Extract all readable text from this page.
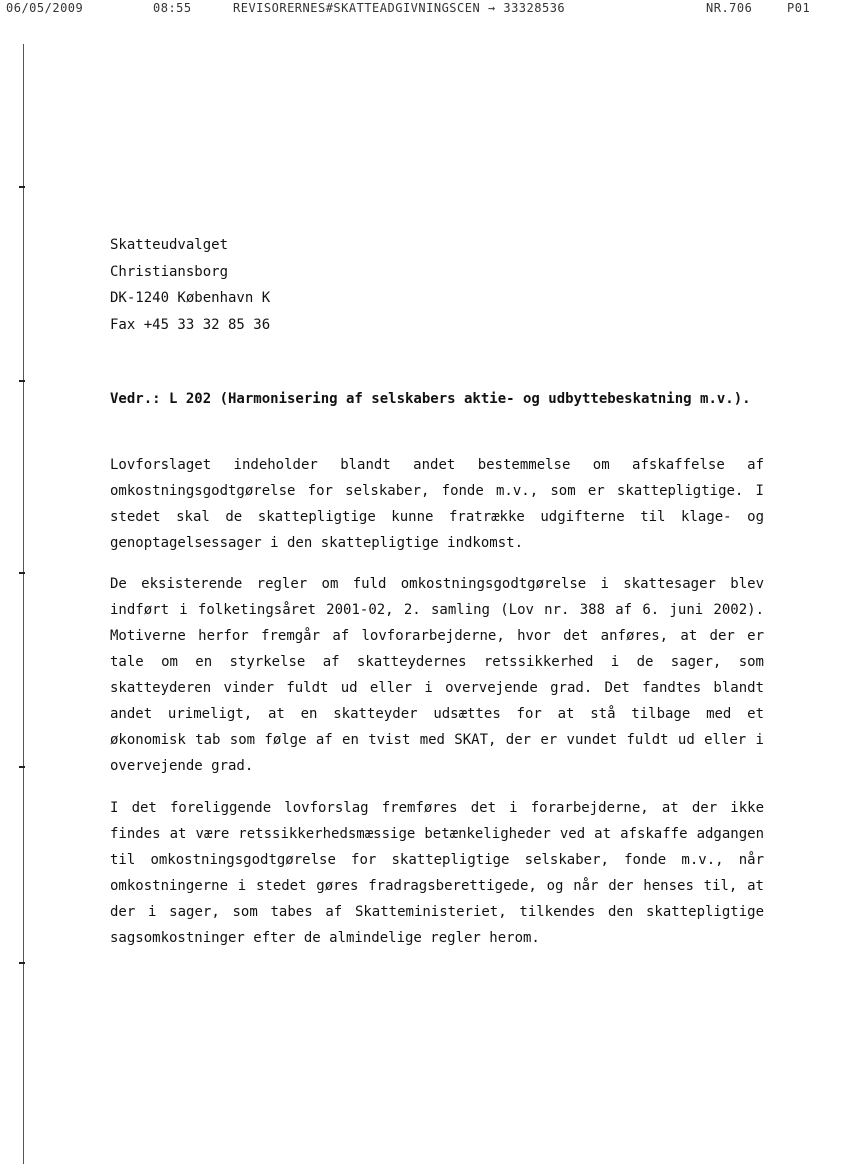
06/05/2009	08:55	REVISORERNES#SKATTEADGIVNINGSCEN → 33328536	NR.706	P01
Skatteudvalget
Christiansborg
DK-1240 København K
Fax +45 33 32 85 36
Vedr.: L 202 (Harmonisering af selskabers aktie- og udbyttebeskatning m.v.).
Lovforslaget indeholder blandt andet bestemmelse om afskaffelse af omkostningsgodtgørelse for selskaber, fonde m.v., som er skattepligtige. I stedet skal de skattepligtige kunne fratrække udgifterne til klage- og genoptagelsessager i den skattepligtige indkomst.
De eksisterende regler om fuld omkostningsgodtgørelse i skattesager blev indført i folketingsåret 2001-02, 2. samling (Lov nr. 388 af 6. juni 2002). Motiverne herfor fremgår af lovforarbejderne, hvor det anføres, at der er tale om en styrkelse af skatteydernes retssikkerhed i de sager, som skatteyderen vinder fuldt ud eller i overvejende grad. Det fandtes blandt andet urimeligt, at en skatteyder udsættes for at stå tilbage med et økonomisk tab som følge af en tvist med SKAT, der er vundet fuldt ud eller i overvejende grad.
I det foreliggende lovforslag fremføres det i forarbejderne, at der ikke findes at være retssikkerhedsmæssige betænkeligheder ved at afskaffe adgangen til omkostningsgodtgørelse for skattepligtige selskaber, fonde m.v., når omkostningerne i stedet gøres fradragsberettigede, og når der henses til, at der i sager, som tabes af Skatteministeriet, tilkendes den skattepligtige sagsomkostninger efter de almindelige regler herom.
